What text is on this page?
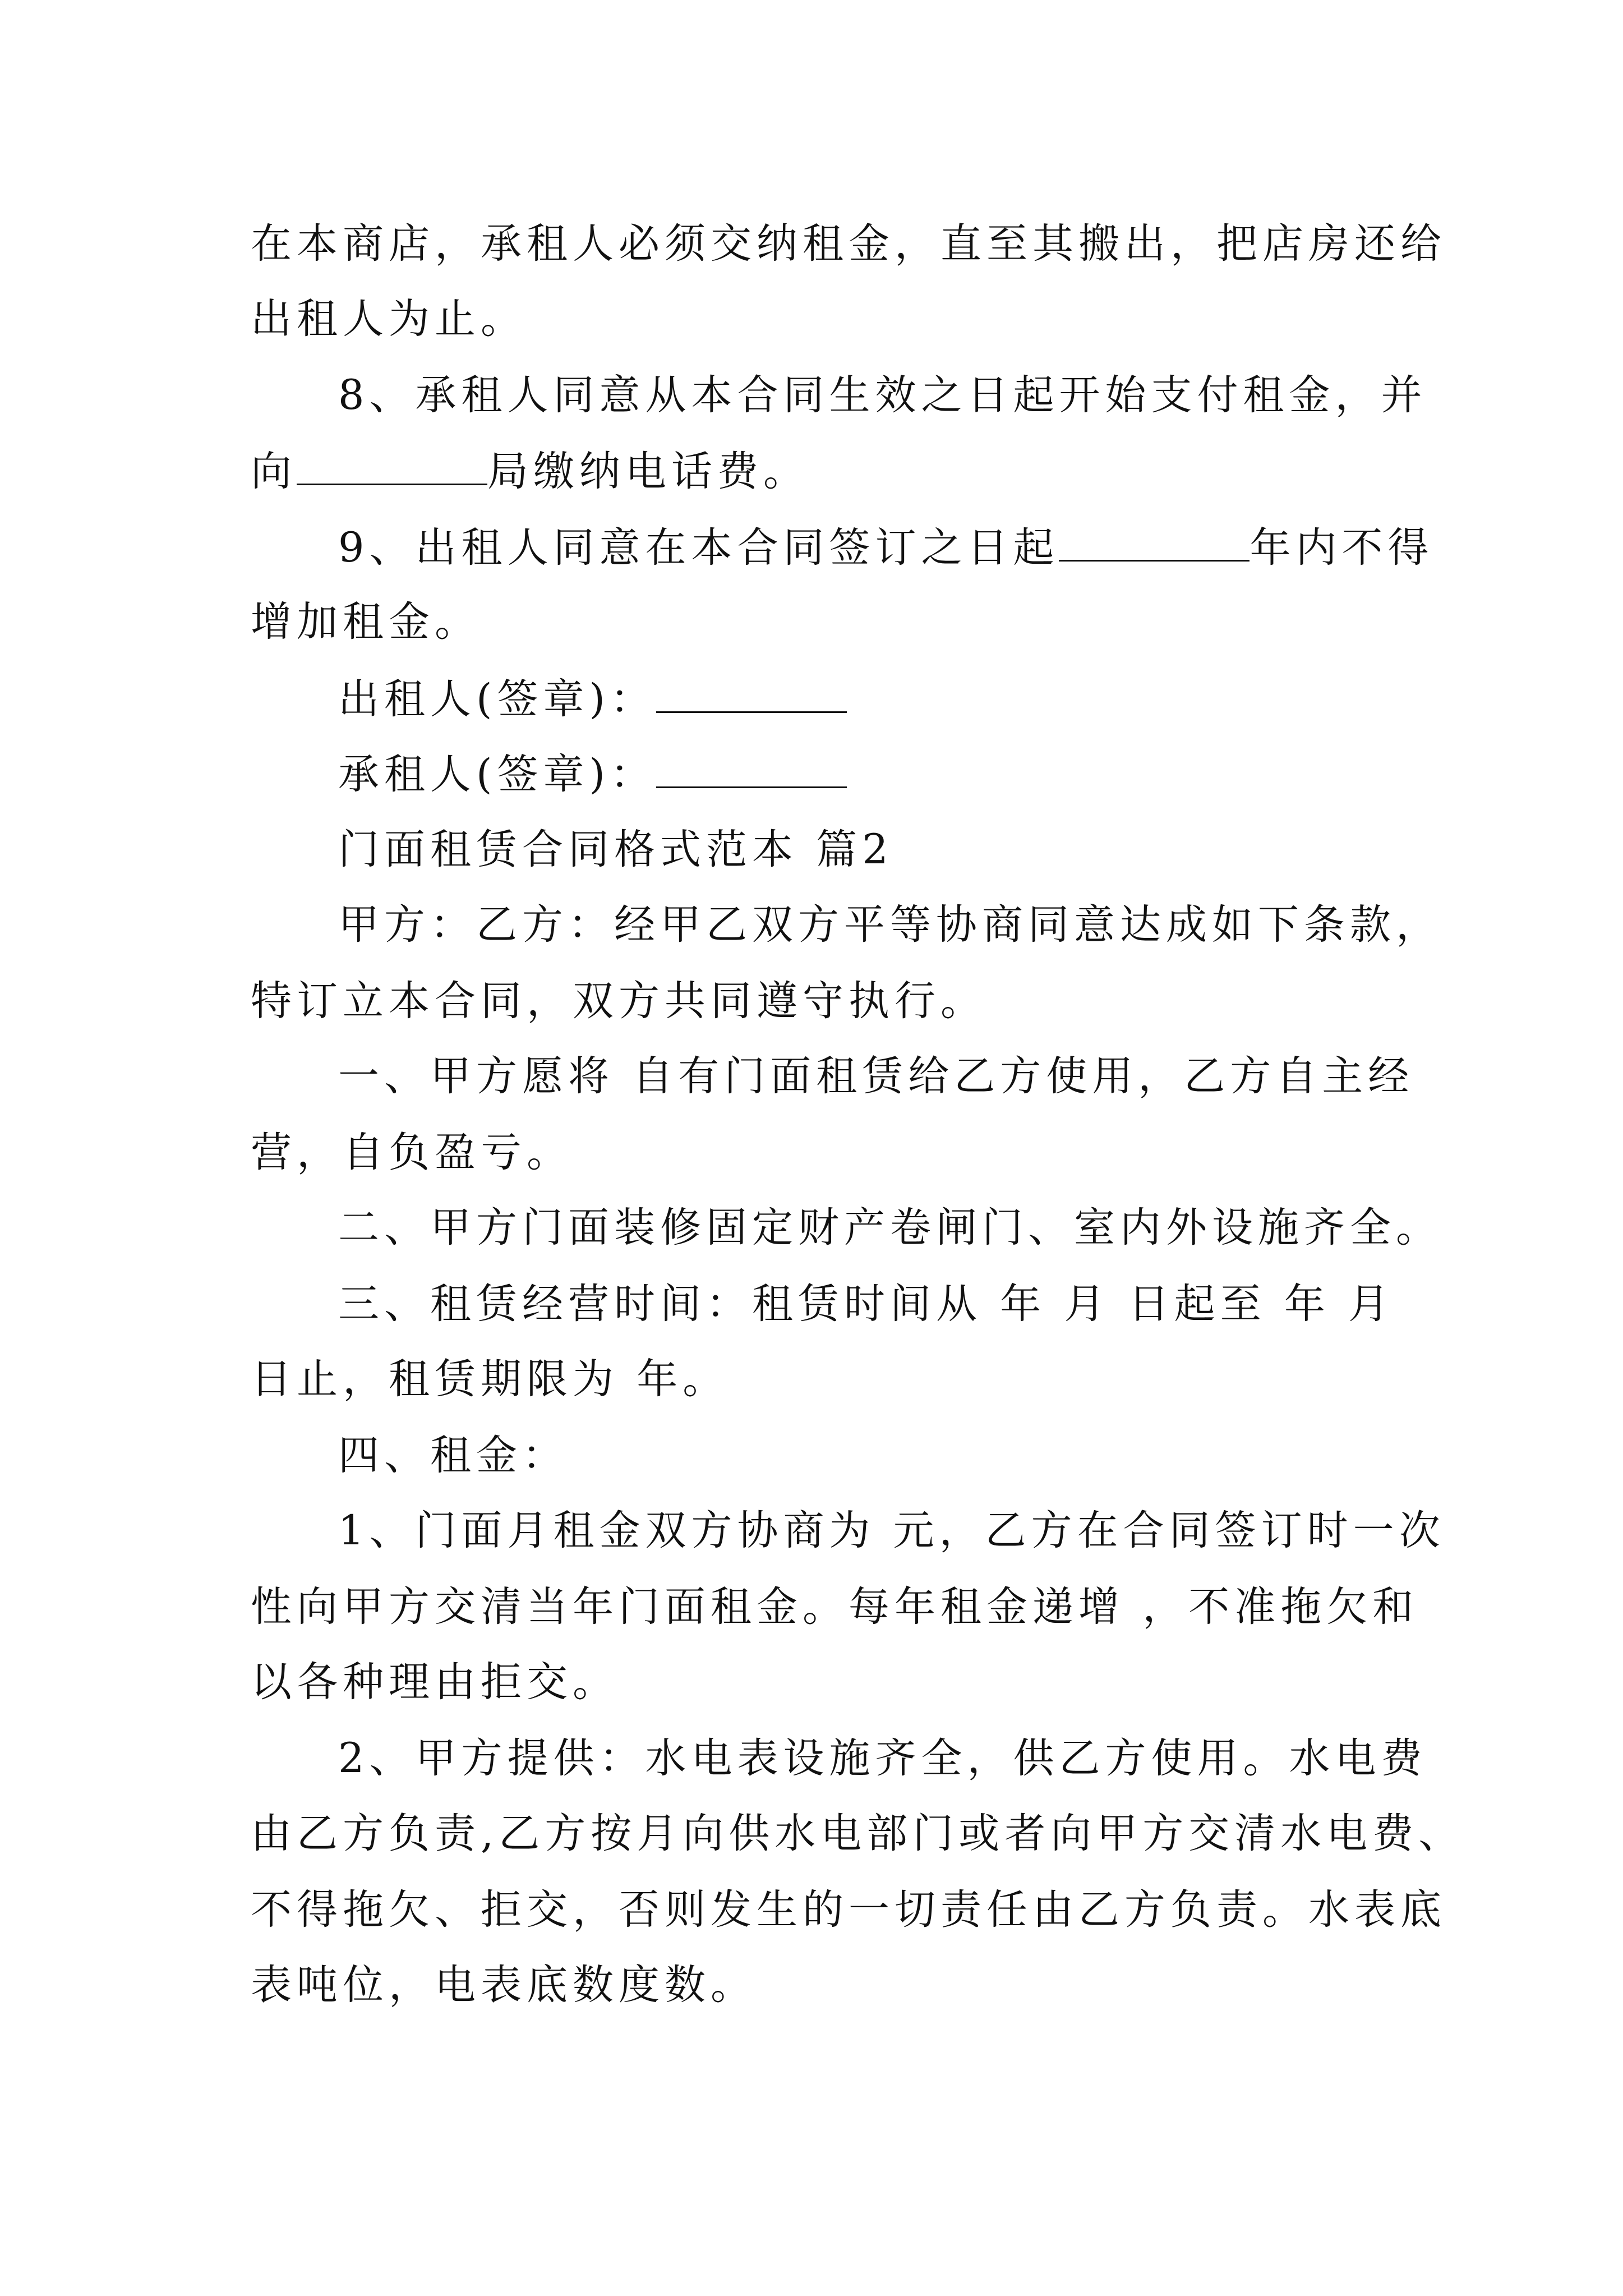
在本商店，承租人必须交纳租金，直至其搬出，把店房还给
出租人为止。
8、承租人同意从本合同生效之日起开始支付租金，并
向	局缴纳电话费。
9、出租人同意在本合同签订之日起	年内不得
增加租金。
出租人(签章)：
承租人(签章)：
门面租赁合同格式范本 篇2
甲方：乙方：经甲乙双方平等协商同意达成如下条款，
特订立本合同，双方共同遵守执行。
一、甲方愿将 自有门面租赁给乙方使用，乙方自主经
营，自负盈亏。
二、甲方门面装修固定财产卷闸门、室内外设施齐全。
三、租赁经营时间：租赁时间从 年 月 日起至 年 月
日止，租赁期限为 年。
四、租金：
1、门面月租金双方协商为 元，乙方在合同签订时一次
性向甲方交清当年门面租金。每年租金递增 ，不准拖欠和
以各种理由拒交。
2、甲方提供：水电表设施齐全，供乙方使用。水电费
由乙方负责,乙方按月向供水电部门或者向甲方交清水电费、
不得拖欠、拒交，否则发生的一切责任由乙方负责。水表底
表吨位，电表底数度数。
